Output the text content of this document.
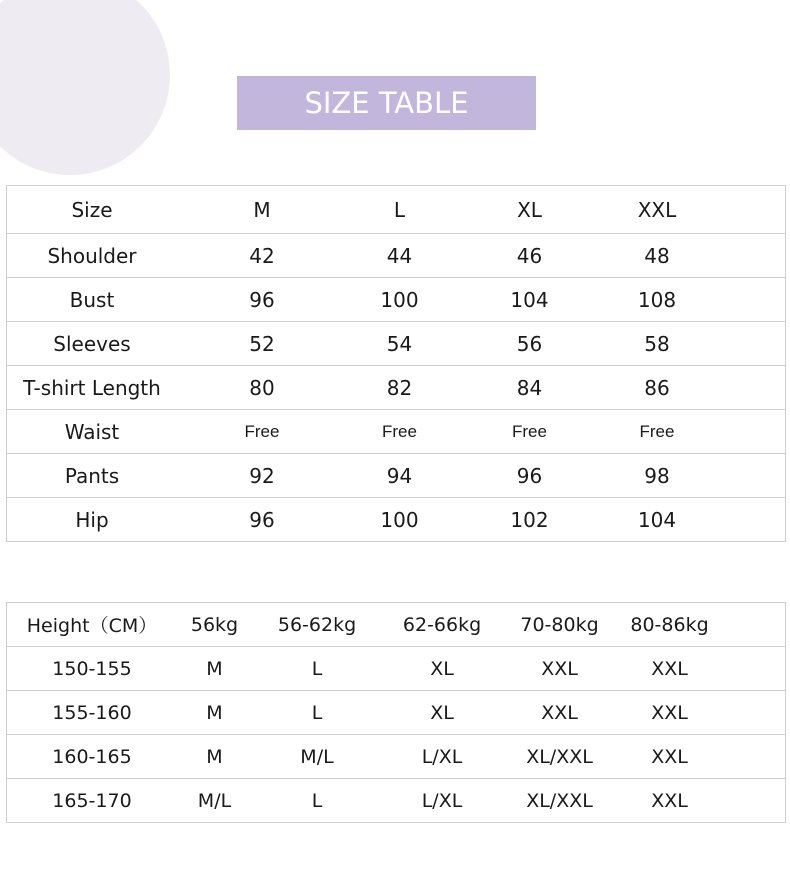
SIZE TABLE
Size	M	L	XL	XXL	
Shoulder	42	44	46	48	
Bust	96	100	104	108	
Sleeves	52	54	56	58	
T-shirt Length	80	82	84	86	
Waist	Free	Free	Free	Free	
Pants	92	94	96	98	
Hip	96	100	102	104	
Height（CM）	56kg	56-62kg	62-66kg	70-80kg	80-86kg	
150-155	M	L	XL	XXL	XXL	
155-160	M	L	XL	XXL	XXL	
160-165	M	M/L	L/XL	XL/XXL	XXL	
165-170	M/L	L	L/XL	XL/XXL	XXL	
